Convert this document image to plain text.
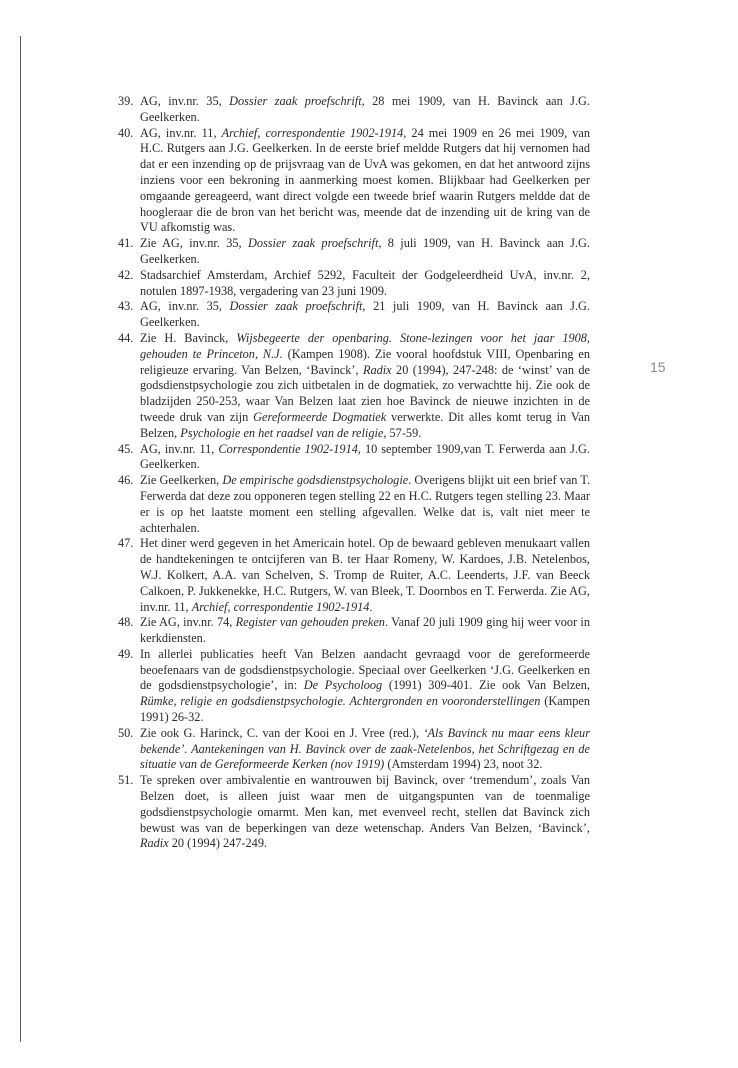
15
39. AG, inv.nr. 35, Dossier zaak proefschrift, 28 mei 1909, van H. Bavinck aan J.G. Geelkerken.
40. AG, inv.nr. 11, Archief, correspondentie 1902-1914, 24 mei 1909 en 26 mei 1909, van H.C. Rutgers aan J.G. Geelkerken. In de eerste brief meldde Rutgers dat hij vernomen had dat er een inzending op de prijsvraag van de UvA was gekomen, en dat het antwoord zijns inziens voor een bekroning in aanmerking moest komen. Blijkbaar had Geelkerken per omgaande gereageerd, want direct volgde een tweede brief waarin Rutgers meldde dat de hoogleraar die de bron van het bericht was, meende dat de inzending uit de kring van de VU afkomstig was.
41. Zie AG, inv.nr. 35, Dossier zaak proefschrift, 8 juli 1909, van H. Bavinck aan J.G. Geelkerken.
42. Stadsarchief Amsterdam, Archief 5292, Faculteit der Godgeleerdheid UvA, inv.nr. 2, notulen 1897-1938, vergadering van 23 juni 1909.
43. AG, inv.nr. 35, Dossier zaak proefschrift, 21 juli 1909, van H. Bavinck aan J.G. Geelkerken.
44. Zie H. Bavinck, Wijsbegeerte der openbaring. Stone-lezingen voor het jaar 1908, gehouden te Princeton, N.J. (Kampen 1908). Zie vooral hoofdstuk VIII, Openbaring en religieuze ervaring. Van Belzen, ‘Bavinck’, Radix 20 (1994), 247-248: de ‘winst’ van de godsdienstpsychologie zou zich uitbetalen in de dogmatiek, zo verwachtte hij. Zie ook de bladzijden 250-253, waar Van Belzen laat zien hoe Bavinck de nieuwe inzichten in de tweede druk van zijn Gereformeerde Dogmatiek verwerkte. Dit alles komt terug in Van Belzen, Psychologie en het raadsel van de religie, 57-59.
45. AG, inv.nr. 11, Correspondentie 1902-1914, 10 september 1909,van T. Ferwerda aan J.G. Geelkerken.
46. Zie Geelkerken, De empirische godsdienstpsychologie. Overigens blijkt uit een brief van T. Ferwerda dat deze zou opponeren tegen stelling 22 en H.C. Rutgers tegen stelling 23. Maar er is op het laatste moment een stelling afgevallen. Welke dat is, valt niet meer te achterhalen.
47. Het diner werd gegeven in het Americain hotel. Op de bewaard gebleven menukaart vallen de handtekeningen te ontcijferen van B. ter Haar Romeny, W. Kardoes, J.B. Netelenbos, W.J. Kolkert, A.A. van Schelven, S. Tromp de Ruiter, A.C. Leenderts, J.F. van Beeck Calkoen, P. Jukkenekke, H.C. Rutgers, W. van Bleek, T. Doornbos en T. Ferwerda. Zie AG, inv.nr. 11, Archief, correspondentie 1902-1914.
48. Zie AG, inv.nr. 74, Register van gehouden preken. Vanaf 20 juli 1909 ging hij weer voor in kerkdiensten.
49. In allerlei publicaties heeft Van Belzen aandacht gevraagd voor de gereformeerde beoefenaars van de godsdienstpsychologie. Speciaal over Geelkerken ‘J.G. Geelkerken en de godsdienstpsychologie’, in: De Psycholoog (1991) 309-401. Zie ook Van Belzen, Rümke, religie en godsdienstpsychologie. Achtergronden en vooronderstellingen (Kampen 1991) 26-32.
50. Zie ook G. Harinck, C. van der Kooi en J. Vree (red.), ‘Als Bavinck nu maar eens kleur bekende’. Aantekeningen van H. Bavinck over de zaak-Netelenbos, het Schriftgezag en de situatie van de Gereformeerde Kerken (nov 1919) (Amsterdam 1994) 23, noot 32.
51. Te spreken over ambivalentie en wantrouwen bij Bavinck, over ‘tremendum’, zoals Van Belzen doet, is alleen juist waar men de uitgangspunten van de toenmalige godsdienstpsychologie omarmt. Men kan, met evenveel recht, stellen dat Bavinck zich bewust was van de beperkingen van deze wetenschap. Anders Van Belzen, ‘Bavinck’, Radix 20 (1994) 247-249.
